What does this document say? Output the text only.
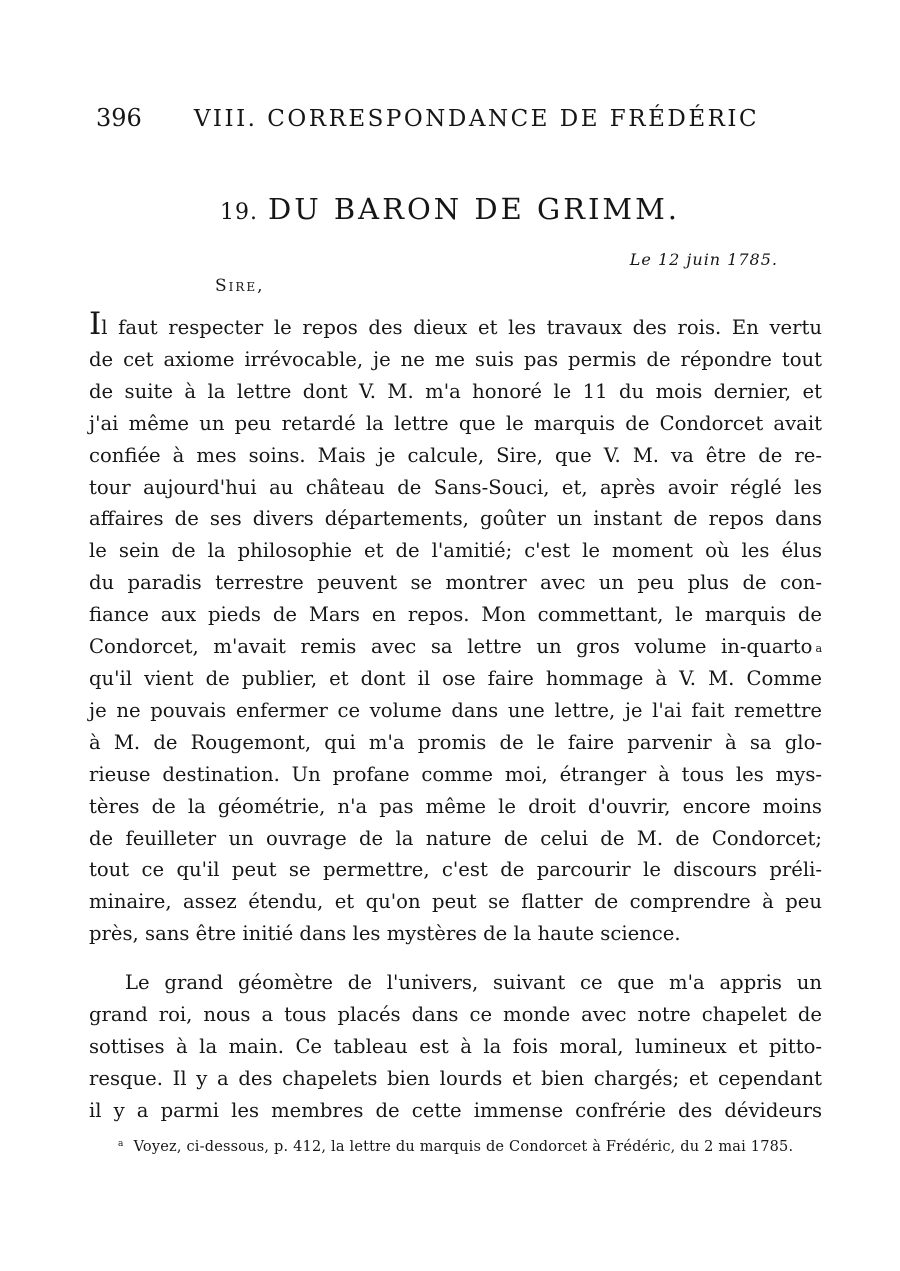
396 VIII. CORRESPONDANCE DE FRÉDÉRIC
19. DU BARON DE GRIMM.
Le 12 juin 1785.
Sire,
Il faut respecter le repos des dieux et les travaux des rois. En vertu
de cet axiome irrévocable, je ne me suis pas permis de répondre tout
de suite à la lettre dont V. M. m'a honoré le 11 du mois dernier, et
j'ai même un peu retardé la lettre que le marquis de Condorcet avait
confiée à mes soins. Mais je calcule, Sire, que V. M. va être de re-
tour aujourd'hui au château de Sans-Souci, et, après avoir réglé les
affaires de ses divers départements, goûter un instant de repos dans
le sein de la philosophie et de l'amitié; c'est le moment où les élus
du paradis terrestre peuvent se montrer avec un peu plus de con-
fiance aux pieds de Mars en repos. Mon commettant, le marquis de
Condorcet, m'avait remis avec sa lettre un gros volume in-quarto $^a$
qu'il vient de publier, et dont il ose faire hommage à V. M. Comme
je ne pouvais enfermer ce volume dans une lettre, je l'ai fait remettre
à M. de Rougemont, qui m'a promis de le faire parvenir à sa glo-
rieuse destination. Un profane comme moi, étranger à tous les mys-
tères de la géométrie, n'a pas même le droit d'ouvrir, encore moins
de feuilleter un ouvrage de la nature de celui de M. de Condorcet;
tout ce qu'il peut se permettre, c'est de parcourir le discours préli-
minaire, assez étendu, et qu'on peut se flatter de comprendre à peu
près, sans être initié dans les mystères de la haute science.
Le grand géomètre de l'univers, suivant ce que m'a appris un
grand roi, nous a tous placés dans ce monde avec notre chapelet de
sottises à la main. Ce tableau est à la fois moral, lumineux et pitto-
resque. Il y a des chapelets bien lourds et bien chargés; et cependant
il y a parmi les membres de cette immense confrérie des dévideurs
$^a$ Voyez, ci-dessous, p. 412, la lettre du marquis de Condorcet à Frédéric, du 2 mai 1785.
